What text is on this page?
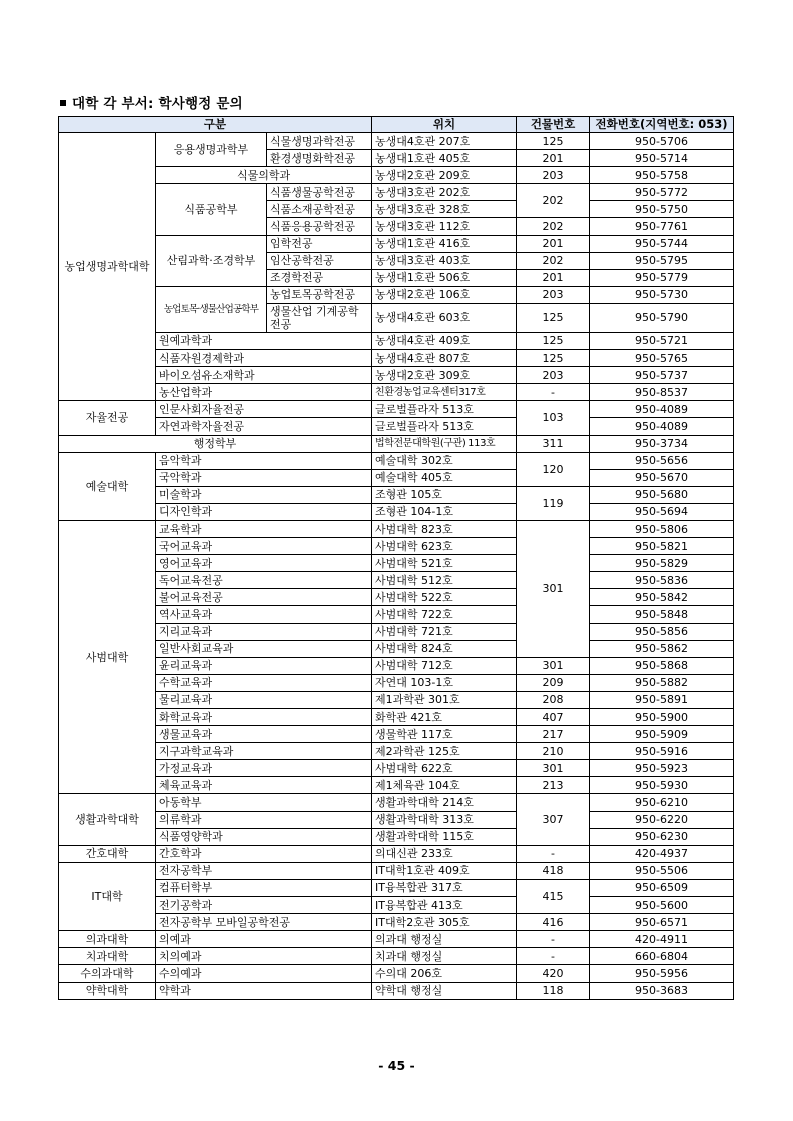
대학 각 부서: 학사행정 문의
구분			위치	건물번호	전화번호(지역번호: 053)
농업생명과학대학	응용생명과학부	식물생명과학전공	농생대4호관 207호	125	950-5706
		환경생명화학전공	농생대1호관 405호	201	950-5714
	식물의학과		농생대2호관 209호	203	950-5758
	식품공학부	식품생물공학전공	농생대3호관 202호	202	950-5772
		식품소재공학전공	농생대3호관 328호		950-5750
		식품응용공학전공	농생대3호관 112호	202	950-7761
	산림과학·조경학부	임학전공	농생대1호관 416호	201	950-5744
		임산공학전공	농생대3호관 403호	202	950-5795
		조경학전공	농생대1호관 506호	201	950-5779
	농업토목·생물산업공학부	농업토목공학전공	농생대2호관 106호	203	950-5730
		생물산업 기계공학전공	농생대4호관 603호	125	950-5790
	원예과학과		농생대4호관 409호	125	950-5721
	식품자원경제학과		농생대4호관 807호	125	950-5765
	바이오섬유소재학과		농생대2호관 309호	203	950-5737
	농산업학과		친환경농업교육센터317호	-	950-8537
자율전공	인문사회자율전공		글로벌플라자 513호	103	950-4089
	자연과학자율전공		글로벌플라자 513호		950-4089
행정학부			법학전문대학원(구관) 113호	311	950-3734
예술대학	음악학과		예술대학 302호	120	950-5656
	국악학과		예술대학 405호		950-5670
	미술학과		조형관 105호	119	950-5680
	디자인학과		조형관 104-1호		950-5694
사범대학	교육학과		사범대학 823호	301	950-5806
	국어교육과		사범대학 623호		950-5821
	영어교육과		사범대학 521호		950-5829
	독어교육전공		사범대학 512호		950-5836
	불어교육전공		사범대학 522호		950-5842
	역사교육과		사범대학 722호		950-5848
	지리교육과		사범대학 721호		950-5856
	일반사회교육과		사범대학 824호		950-5862
	윤리교육과		사범대학 712호	301	950-5868
	수학교육과		자연대 103-1호	209	950-5882
	물리교육과		제1과학관 301호	208	950-5891
	화학교육과		화학관 421호	407	950-5900
	생물교육과		생물학관 117호	217	950-5909
	지구과학교육과		제2과학관 125호	210	950-5916
	가정교육과		사범대학 622호	301	950-5923
	체육교육과		제1체육관 104호	213	950-5930
생활과학대학	아동학부		생활과학대학 214호	307	950-6210
	의류학과		생활과학대학 313호		950-6220
	식품영양학과		생활과학대학 115호		950-6230
간호대학	간호학과		의대신관 233호	-	420-4937
IT대학	전자공학부		IT대학1호관 409호	418	950-5506
	컴퓨터학부		IT융복합관 317호	415	950-6509
	전기공학과		IT융복합관 413호		950-5600
	전자공학부 모바일공학전공		IT대학2호관 305호	416	950-6571
의과대학	의예과		의과대 행정실	-	420-4911
치과대학	치의예과		치과대 행정실	-	660-6804
수의과대학	수의예과		수의대 206호	420	950-5956
약학대학	약학과		약학대 행정실	118	950-3683
- 45 -
